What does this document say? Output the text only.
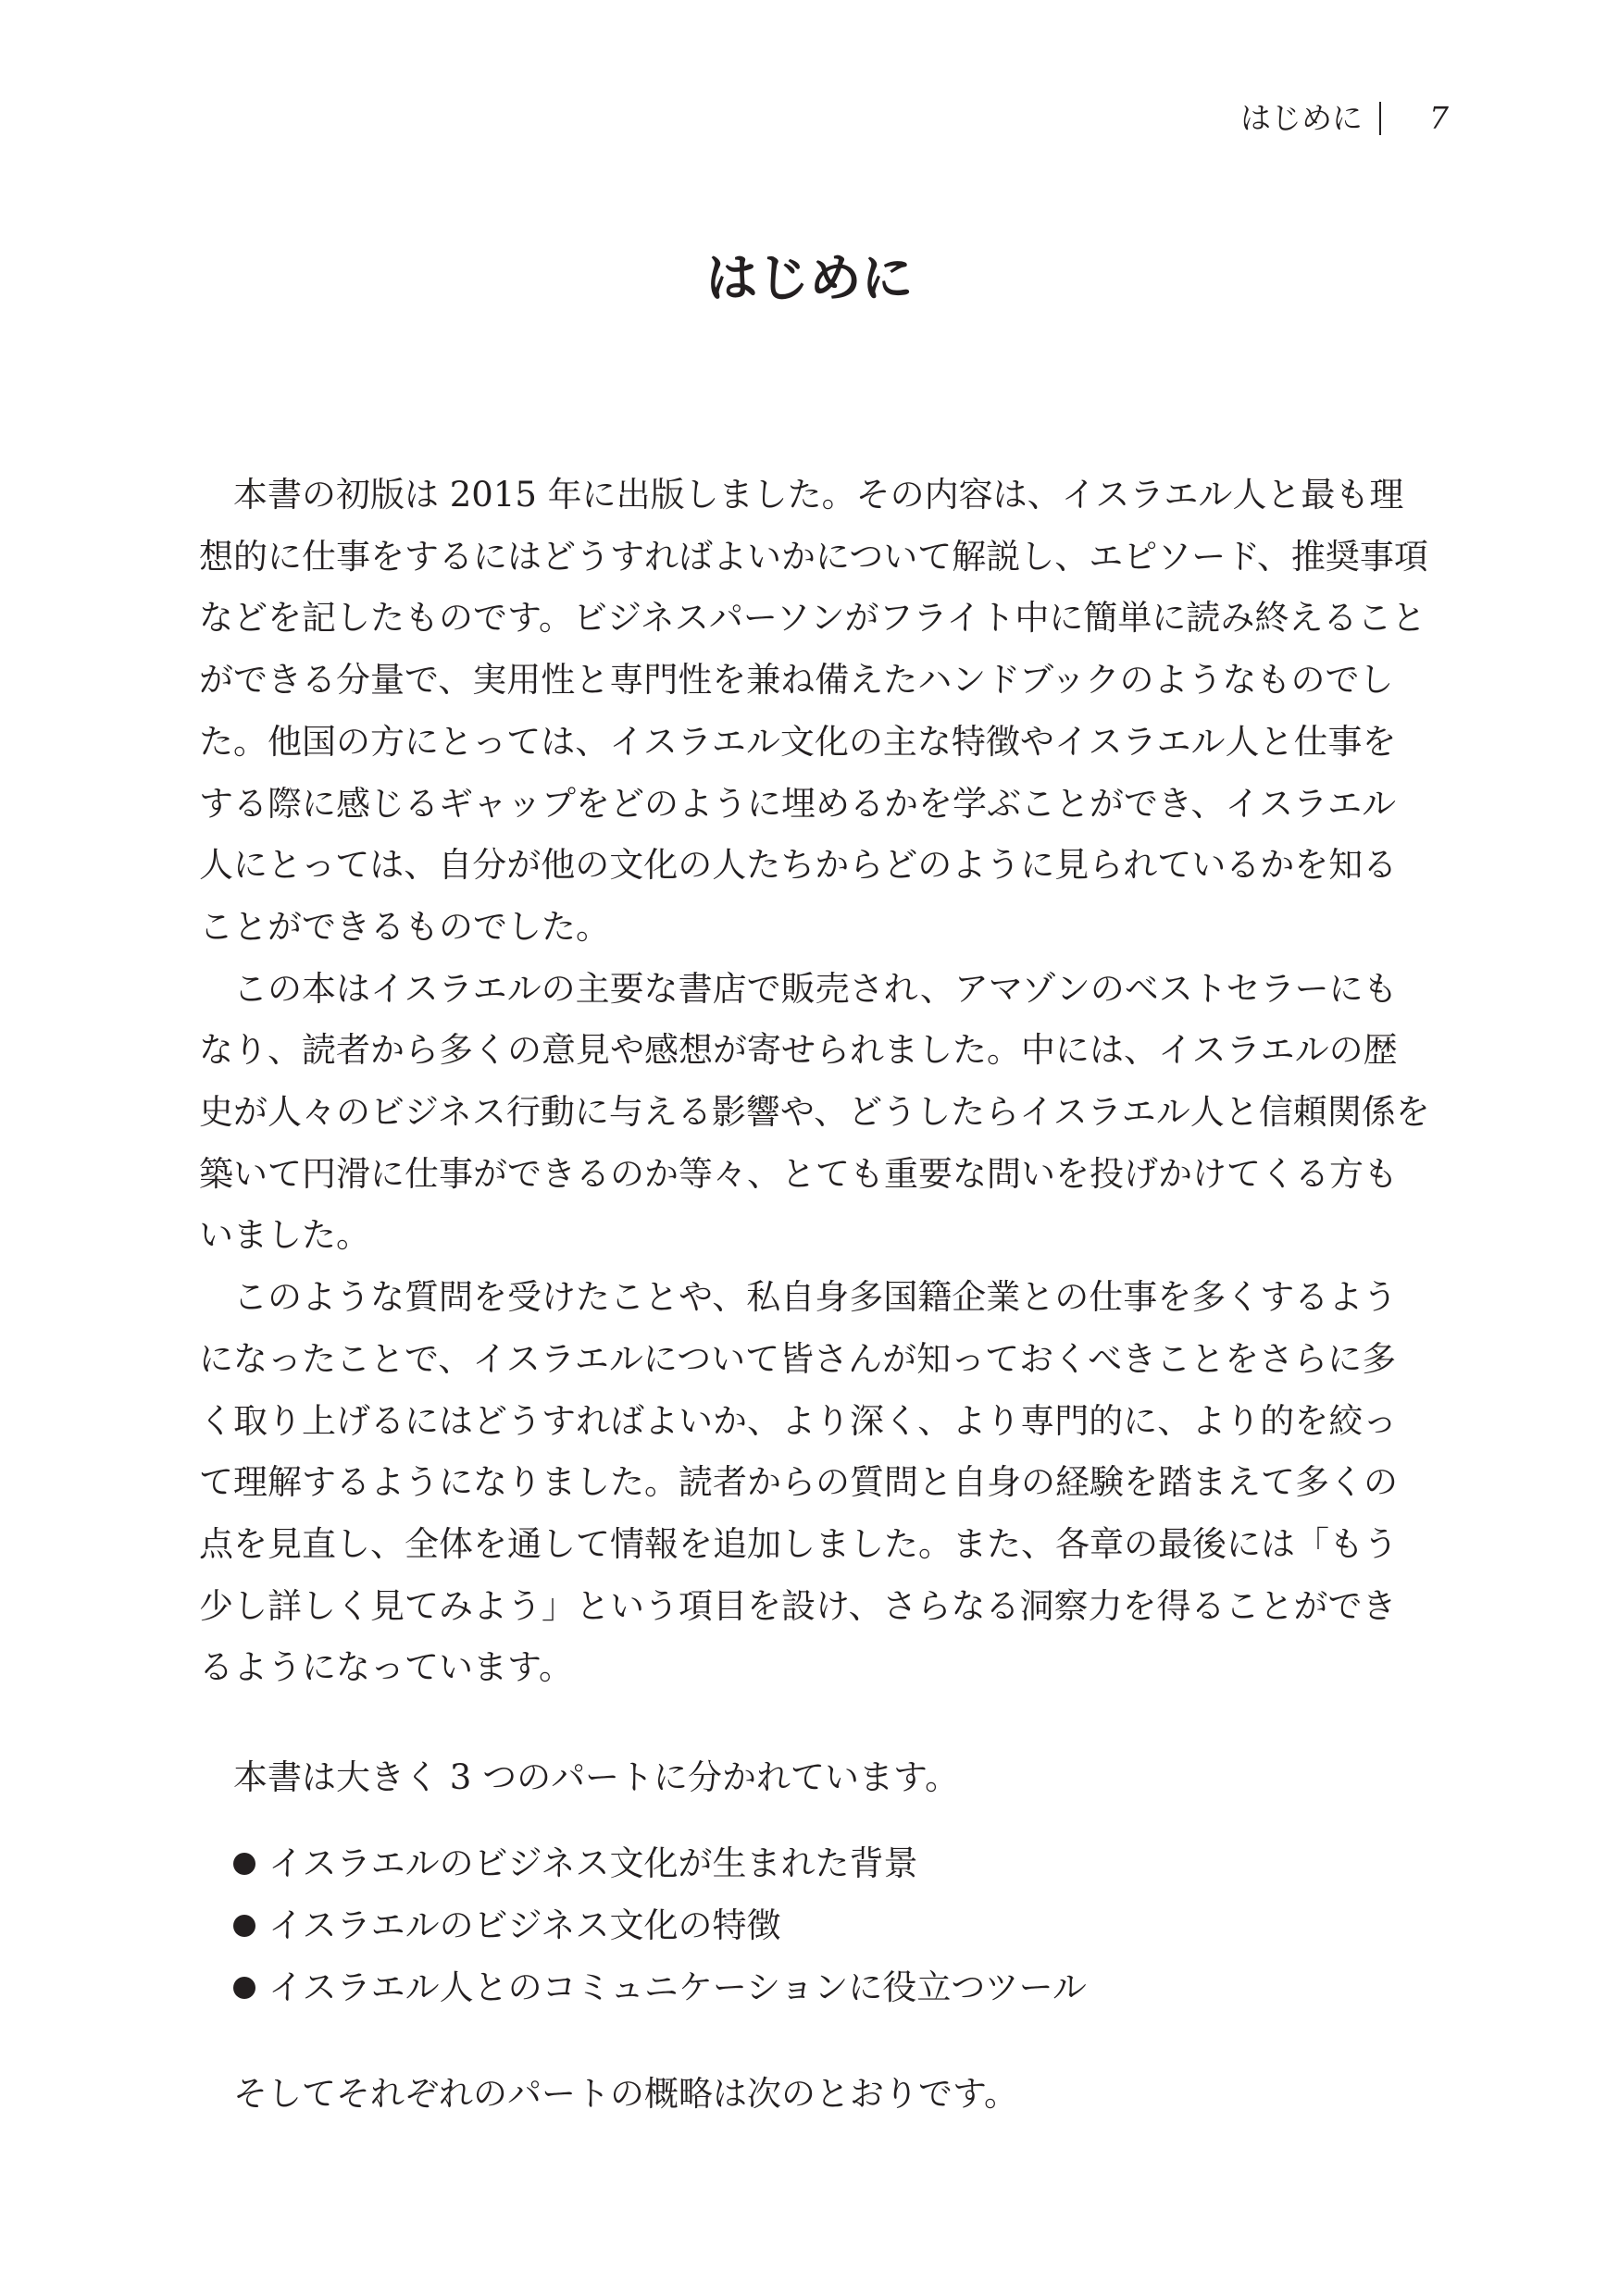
はじめに 7
はじめに

本書の初版は 2015 年に出版しました。その内容は、イスラエル人と最も理想的に仕事をするにはどうすればよいかについて解説し、エピソード、推奨事項などを記したものです。ビジネスパーソンがフライト中に簡単に読み終えることができる分量で、実用性と専門性を兼ね備えたハンドブックのようなものでした。他国の方にとっては、イスラエル文化の主な特徴やイスラエル人と仕事をする際に感じるギャップをどのように埋めるかを学ぶことができ、イスラエル人にとっては、自分が他の文化の人たちからどのように見られているかを知ることができるものでした。

この本はイスラエルの主要な書店で販売され、アマゾンのベストセラーにもなり、読者から多くの意見や感想が寄せられました。中には、イスラエルの歴史が人々のビジネス行動に与える影響や、どうしたらイスラエル人と信頼関係を築いて円滑に仕事ができるのか等々、とても重要な問いを投げかけてくる方もいました。

このような質問を受けたことや、私自身多国籍企業との仕事を多くするようになったことで、イスラエルについて皆さんが知っておくべきことをさらに多く取り上げるにはどうすればよいか、より深く、より専門的に、より的を絞って理解するようになりました。読者からの質問と自身の経験を踏まえて多くの点を見直し、全体を通して情報を追加しました。また、各章の最後には「もう少し詳しく見てみよう」という項目を設け、さらなる洞察力を得ることができるようになっています。

本書は大きく 3 つのパートに分かれています。

イスラエルのビジネス文化が生まれた背景
イスラエルのビジネス文化の特徴
イスラエル人とのコミュニケーションに役立つツール

そしてそれぞれのパートの概略は次のとおりです。
